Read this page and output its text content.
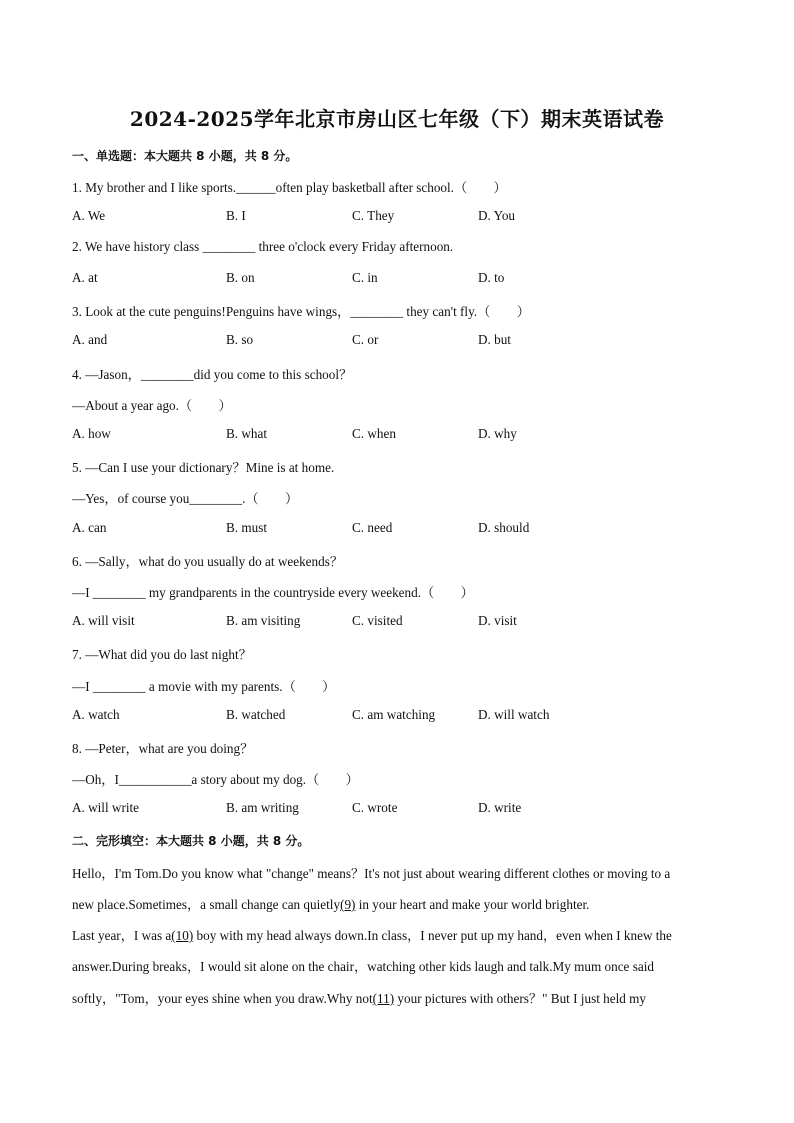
2024-2025学年北京市房山区七年级（下）期末英语试卷
一、单选题：本大题共 8 小题，共 8 分。
1. My brother and I like sports.______often play basketball after school.（　　）
A. We	B. I	C. They	D. You
2. We have history class ________ three o'clock every Friday afternoon.
A. at	B. on	C. in	D. to
3. Look at the cute penguins!Penguins have wings，________ they can't fly.（　　）
A. and	B. so	C. or	D. but
4. —Jason，________did you come to this school？
—About a year ago.（　　）
A. how	B. what	C. when	D. why
5. —Can I use your dictionary？Mine is at home.
—Yes，of course you________.（　　）
A. can	B. must	C. need	D. should
6. —Sally，what do you usually do at weekends？
—I ________ my grandparents in the countryside every weekend.（　　）
A. will visit	B. am visiting	C. visited	D. visit
7. —What did you do last night？
—I ________ a movie with my parents.（　　）
A. watch	B. watched	C. am watching	D. will watch
8. —Peter，what are you doing？
—Oh，I___________a story about my dog.（　　）
A. will write	B. am writing	C. wrote	D. write
二、完形填空：本大题共 8 小题，共 8 分。
Hello，I'm Tom.Do you know what "change" means？It's not just about wearing different clothes or moving to a
new place.Sometimes，a small change can quietly(9) in your heart and make your world brighter.
Last year，I was a(10) boy with my head always down.In class，I never put up my hand，even when I knew the
answer.During breaks，I would sit alone on the chair，watching other kids laugh and talk.My mum once said
softly，"Tom，your eyes shine when you draw.Why not(11) your pictures with others？" But I just held my
